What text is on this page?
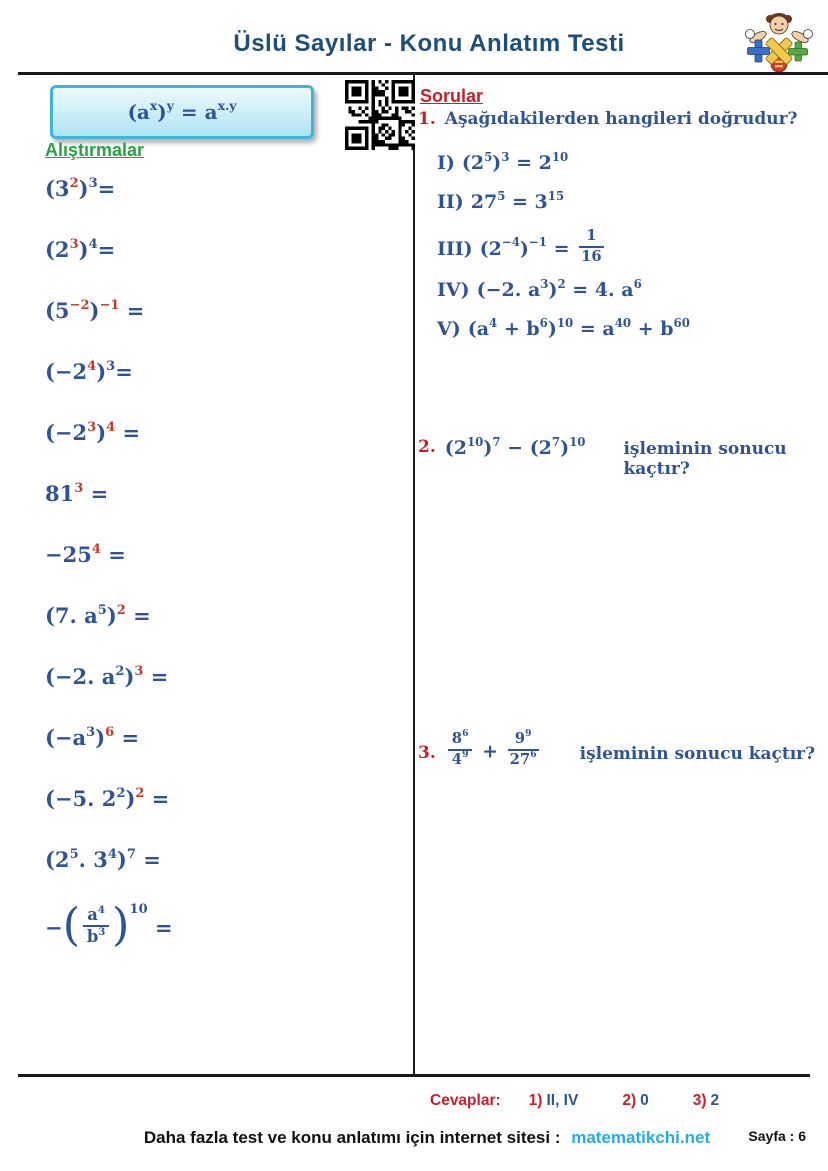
Üslü Sayılar - Konu Anlatım Testi
$(a^x)^y = a^{x.y}$
Alıştırmalar
$(3^2)^3=$
$(2^3)^4=$
$(5^{-2})^{-1}$ =
$(-2^4)^3=$
$(-2^3)^4$ =
$81^3$ =
$-25^4$ =
(7. $a^5)^2$ =
(−2. $a^2)^3$ =
$(-a^3)^6$ =
(−5. $2^2)^2$ =
($2^5$. $3^4)^7$ =
−( $\frac{a^4}{b^3} )^{10}$ =
Sorular
1. Aşağıdakilerden hangileri doğrudur?
I) $(2^5)^3 = 2^{10}$
II) $27^5 = 3^{15}$
III) $(2^{-4})^{-1} = \frac{1}{16}$
IV) (−2. $a^3)^2 = 4$. $a^6$
V) $(a^4 + b^6)^{10} = a^{40} + b^{60}$
2. $(2^{10})^7 - (2^7)^{10}$ işleminin sonucu kaçtır?
3. $\frac{8^6}{4^9} + \frac{9^9}{27^6}$ işleminin sonucu kaçtır?
Cevaplar: 1) II, IV	2) 0	3) 2
Daha fazla test ve konu anlatımı için internet sitesi : matematikchi.net	Sayfa : 6
